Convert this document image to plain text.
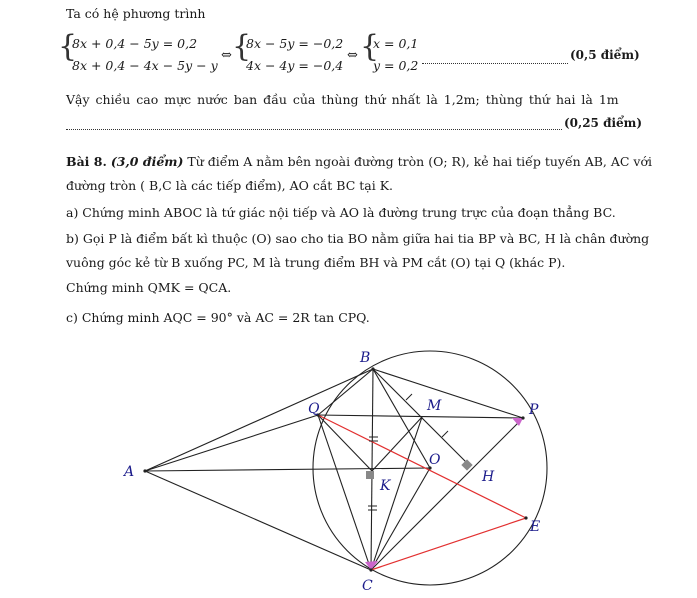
Ta có hệ phương trình
{
8x + 0,4 − 5y = 0,2
8x + 0,4 − 4x − 5y − y
⇔ {
8x − 5y = −0,2
4x − 4y = −0,4
⇔ {
x = 0,1
y = 0,2
(0,5 điểm)
Vậy chiều cao mực nước ban đầu của thùng thứ nhất là 1,2m; thùng thứ hai là 1m
(0,25 điểm)
Bài 8. (3,0 điểm) Từ điểm A nằm bên ngoài đường tròn (O; R), kẻ hai tiếp tuyến AB, AC với
đường tròn ( B,C là các tiếp điểm), AO cắt BC tại K.
a) Chứng minh ABOC là tứ giác nội tiếp và AO là đường trung trực của đoạn thẳng BC.
b) Gọi P là điểm bất kì thuộc (O) sao cho tia BO nằm giữa hai tia BP và BC, H là chân đường
vuông góc kẻ từ B xuống PC, M là trung điểm BH và PM cắt (O) tại Q (khác P).
Chứng minh QMK = QCA.
c) Chứng minh AQC = 90° và AC = 2R tan CPQ.
B
M	P
Q
A
O
H
K
E
C
